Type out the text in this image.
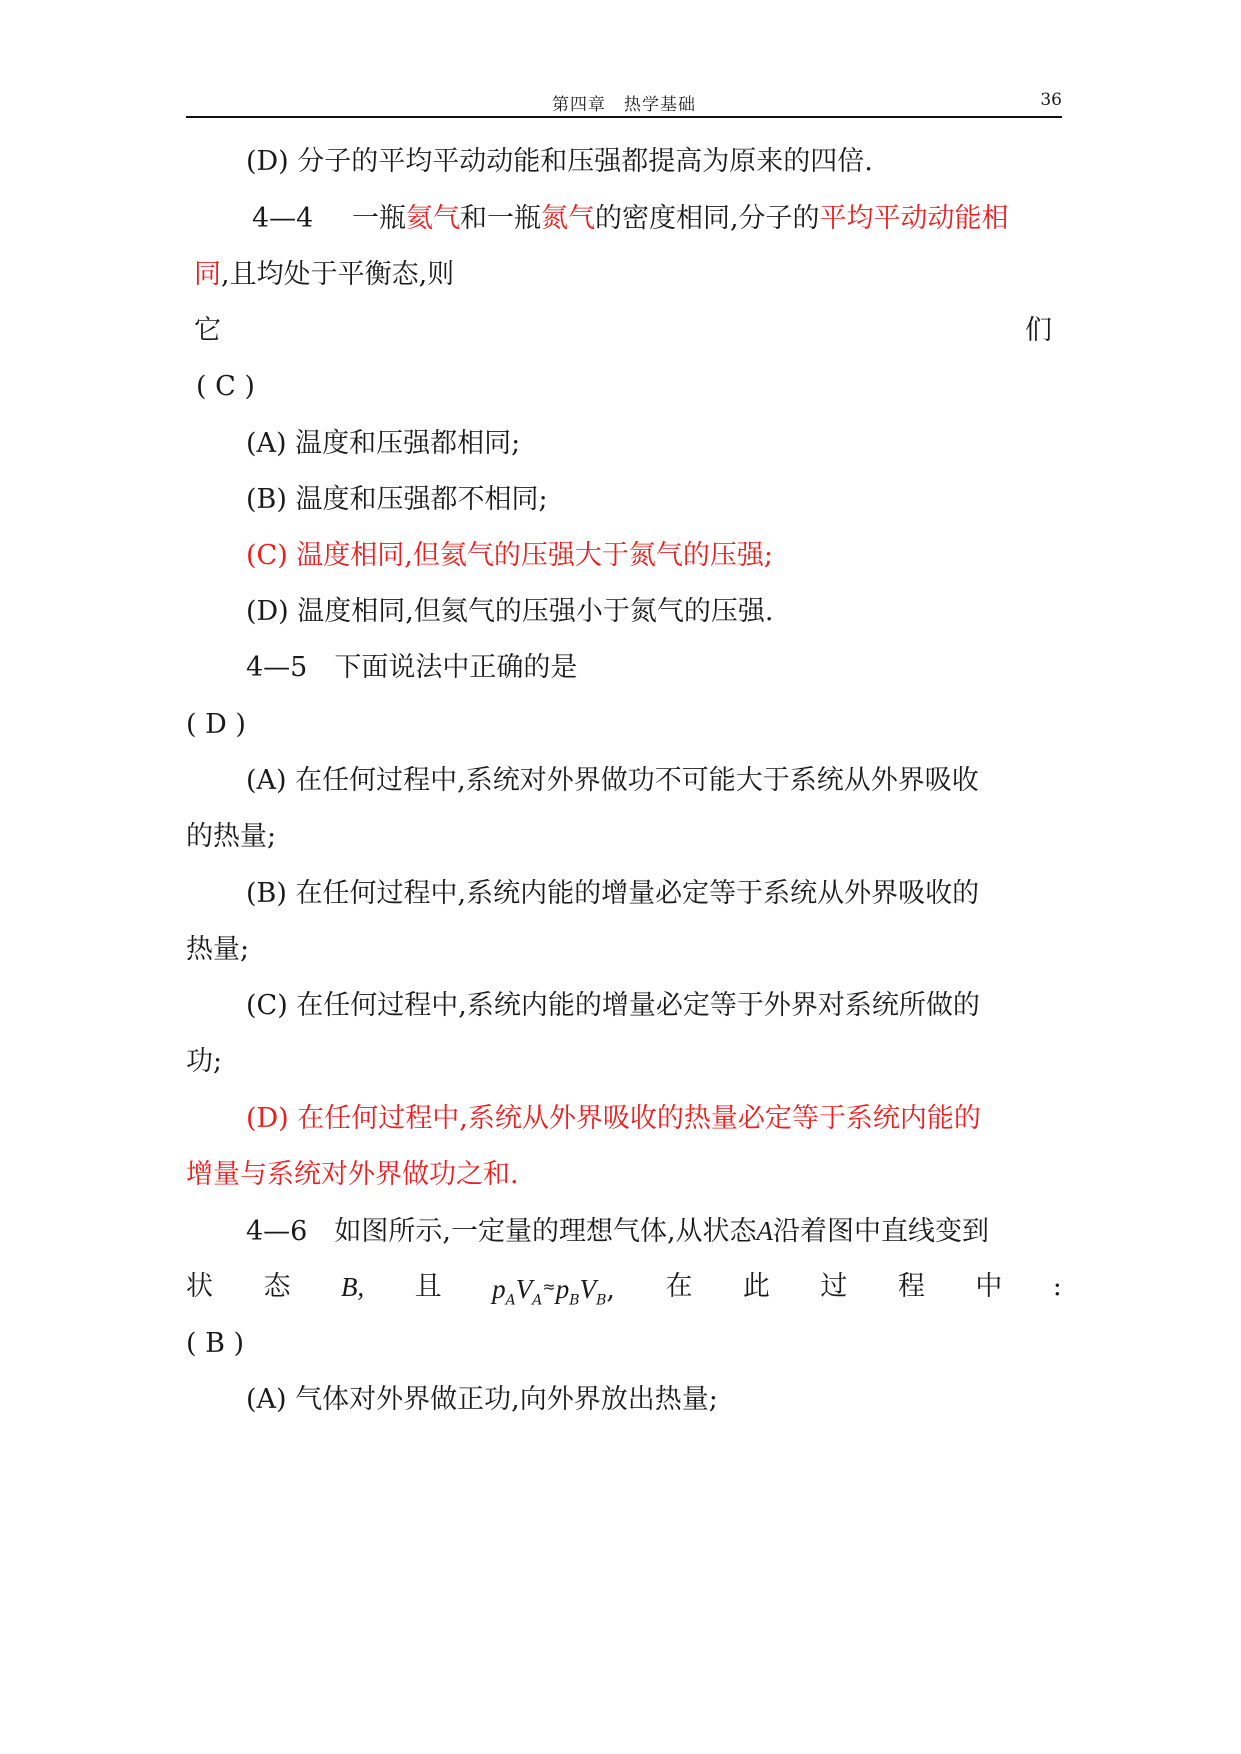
第四章　热学基础	36
(D) 分子的平均平动动能和压强都提高为原来的四倍.
4—4 一瓶氦气和一瓶氮气的密度相同,分子的平均平动动能相
同,且均处于平衡态,则
它	们
( C )
(A) 温度和压强都相同;
(B) 温度和压强都不相同;
(C) 温度相同,但氦气的压强大于氮气的压强;
(D) 温度相同,但氦气的压强小于氮气的压强.
4—5　下面说法中正确的是
( D )
(A) 在任何过程中,系统对外界做功不可能大于系统从外界吸收
的热量;
(B) 在任何过程中,系统内能的增量必定等于系统从外界吸收的
热量;
(C) 在任何过程中,系统内能的增量必定等于外界对系统所做的
功;
(D) 在任何过程中,系统从外界吸收的热量必定等于系统内能的
增量与系统对外界做功之和.
4—6　如图所示,一定量的理想气体,从状态A沿着图中直线变到
状 态 B, 且 $p_AV_A^\approx p_BV_B$, 在 此 过 程 中 :
( B )
(A) 气体对外界做正功,向外界放出热量;
